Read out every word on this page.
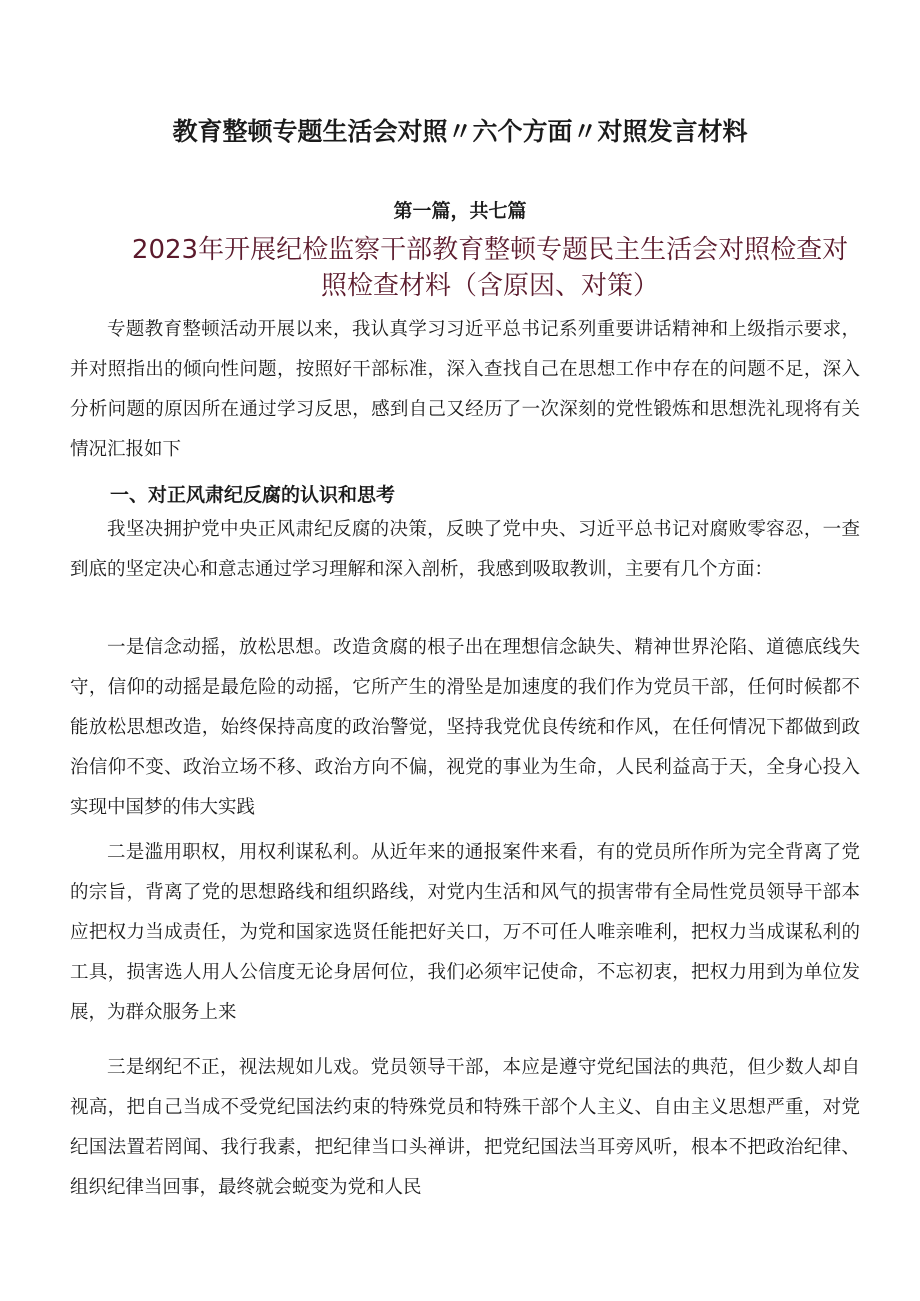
教育整顿专题生活会对照〃六个方面〃对照发言材料
第一篇，共七篇
2023年开展纪检监察干部教育整顿专题民主生活会对照检查对照检查材料（含原因、对策）
专题教育整顿活动开展以来，我认真学习习近平总书记系列重要讲话精神和上级指示要求，并对照指出的倾向性问题，按照好干部标准，深入查找自己在思想工作中存在的问题不足，深入分析问题的原因所在通过学习反思，感到自己又经历了一次深刻的党性锻炼和思想洗礼现将有关情况汇报如下
一、对正风肃纪反腐的认识和思考
我坚决拥护党中央正风肃纪反腐的决策，反映了党中央、习近平总书记对腐败零容忍，一查到底的坚定决心和意志通过学习理解和深入剖析，我感到吸取教训，主要有几个方面：
一是信念动摇，放松思想。改造贪腐的根子出在理想信念缺失、精神世界沦陷、道德底线失守，信仰的动摇是最危险的动摇，它所产生的滑坠是加速度的我们作为党员干部，任何时候都不能放松思想改造，始终保持高度的政治警觉，坚持我党优良传统和作风，在任何情况下都做到政治信仰不变、政治立场不移、政治方向不偏，视党的事业为生命，人民利益高于天，全身心投入实现中国梦的伟大实践
二是滥用职权，用权利谋私利。从近年来的通报案件来看，有的党员所作所为完全背离了党的宗旨，背离了党的思想路线和组织路线，对党内生活和风气的损害带有全局性党员领导干部本应把权力当成责任，为党和国家选贤任能把好关口，万不可任人唯亲唯利，把权力当成谋私利的工具，损害选人用人公信度无论身居何位，我们必须牢记使命，不忘初衷，把权力用到为单位发展，为群众服务上来
三是纲纪不正，视法规如儿戏。党员领导干部，本应是遵守党纪国法的典范，但少数人却自视高，把自己当成不受党纪国法约束的特殊党员和特殊干部个人主义、自由主义思想严重，对党纪国法置若罔闻、我行我素，把纪律当口头禅讲，把党纪国法当耳旁风听，根本不把政治纪律、组织纪律当回事，最终就会蜕变为党和人民
